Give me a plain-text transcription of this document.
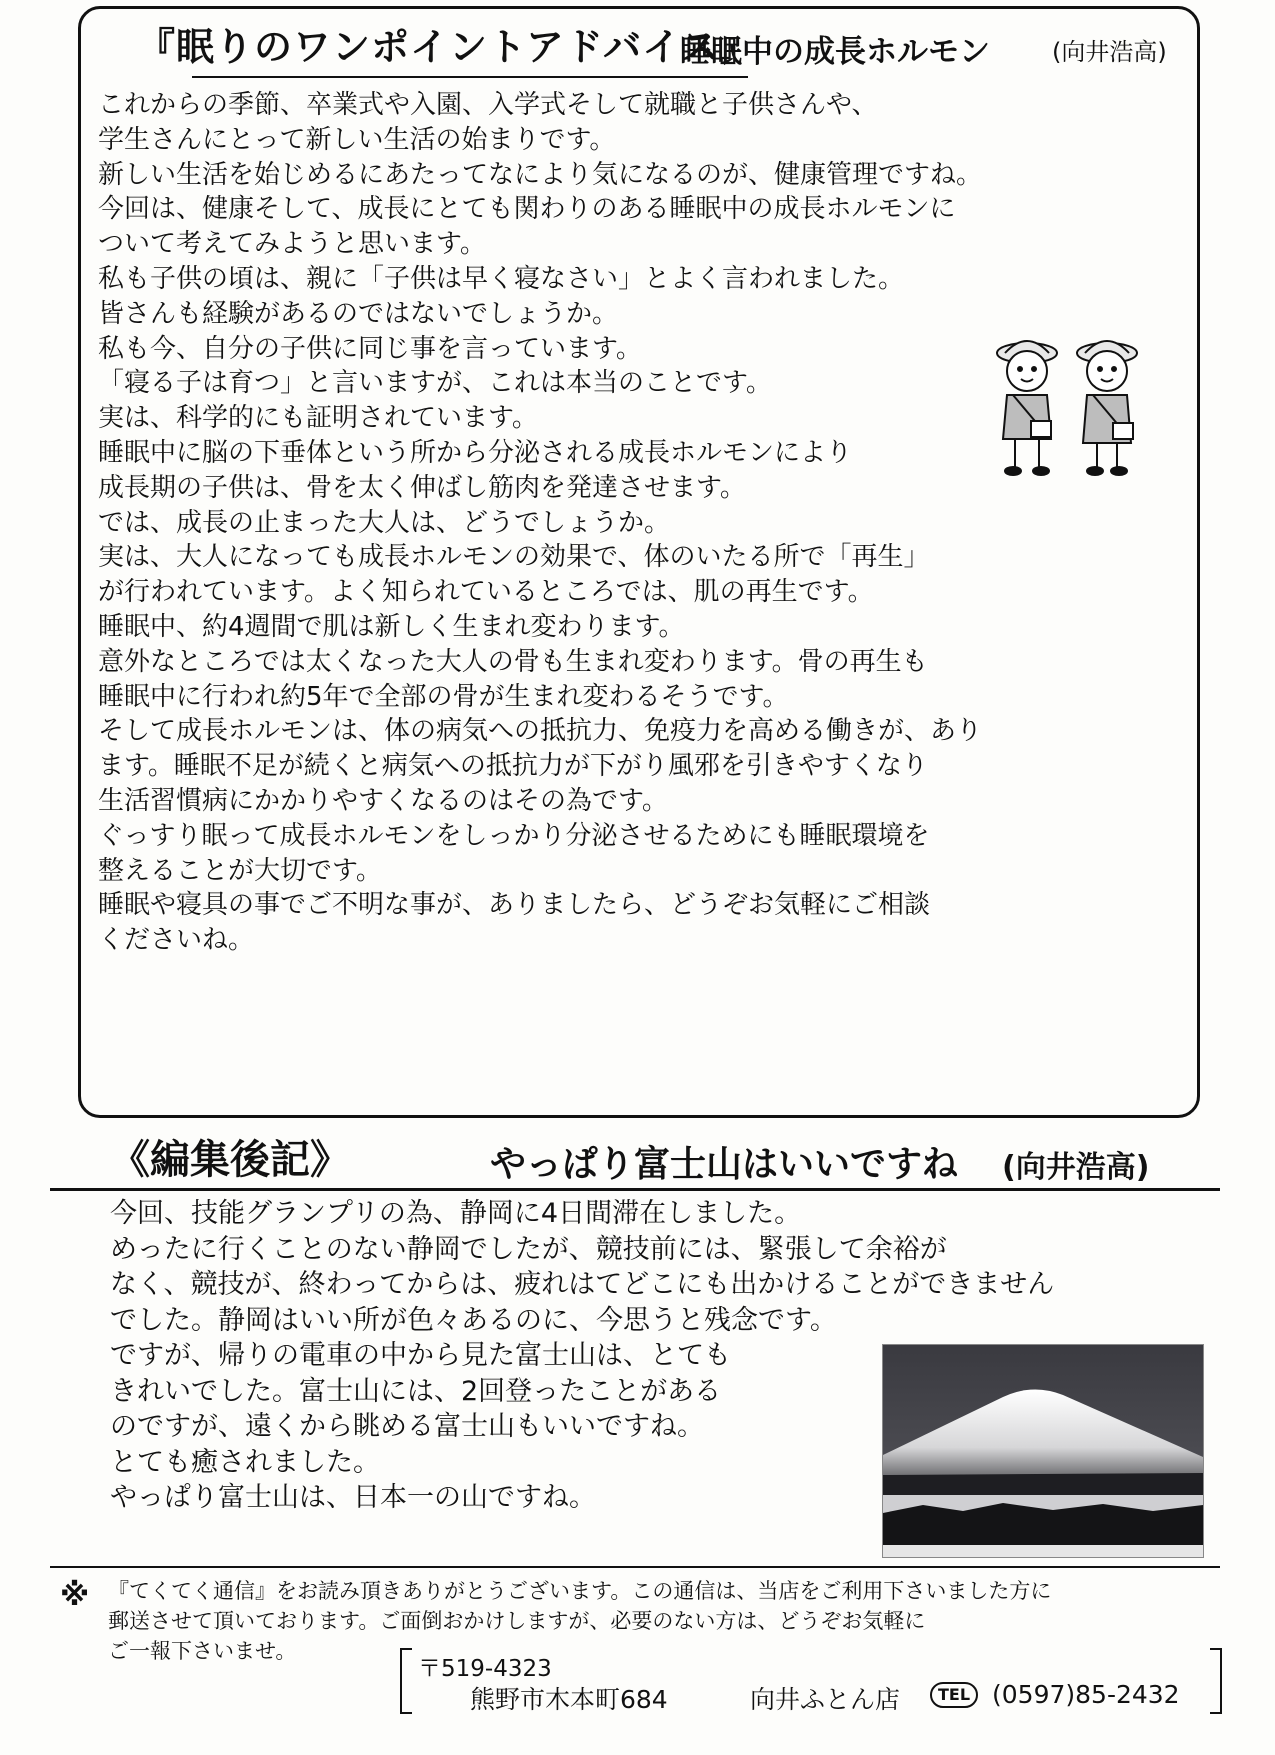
『眠りのワンポイントアドバイス』
睡眠中の成長ホルモン	(向井浩高)
これからの季節、卒業式や入園、入学式そして就職と子供さんや、
学生さんにとって新しい生活の始まりです。
新しい生活を始じめるにあたってなにより気になるのが、健康管理ですね。
今回は、健康そして、成長にとても関わりのある睡眠中の成長ホルモンに
ついて考えてみようと思います。
私も子供の頃は、親に「子供は早く寝なさい」とよく言われました。
皆さんも経験があるのではないでしょうか。
私も今、自分の子供に同じ事を言っています。
「寝る子は育つ」と言いますが、これは本当のことです。
実は、科学的にも証明されています。
睡眠中に脳の下垂体という所から分泌される成長ホルモンにより
成長期の子供は、骨を太く伸ばし筋肉を発達させます。
では、成長の止まった大人は、どうでしょうか。
実は、大人になっても成長ホルモンの効果で、体のいたる所で「再生」
が行われています。よく知られているところでは、肌の再生です。
睡眠中、約4週間で肌は新しく生まれ変わります。
意外なところでは太くなった大人の骨も生まれ変わります。骨の再生も
睡眠中に行われ約5年で全部の骨が生まれ変わるそうです。
そして成長ホルモンは、体の病気への抵抗力、免疫力を高める働きが、あり
ます。睡眠不足が続くと病気への抵抗力が下がり風邪を引きやすくなり
生活習慣病にかかりやすくなるのはその為です。
ぐっすり眠って成長ホルモンをしっかり分泌させるためにも睡眠環境を
整えることが大切です。
睡眠や寝具の事でご不明な事が、ありましたら、どうぞお気軽にご相談
くださいね。
《編集後記》	やっぱり富士山はいいですね (向井浩高)
今回、技能グランプリの為、静岡に4日間滞在しました。
めったに行くことのない静岡でしたが、競技前には、緊張して余裕が
なく、競技が、終わってからは、疲れはてどこにも出かけることができません
でした。静岡はいい所が色々あるのに、今思うと残念です。
ですが、帰りの電車の中から見た富士山は、とても
きれいでした。富士山には、2回登ったことがある
のですが、遠くから眺める富士山もいいですね。
とても癒されました。
やっぱり富士山は、日本一の山ですね。
※ 『てくてく通信』をお読み頂きありがとうございます。この通信は、当店をご利用下さいました方に
郵送させて頂いております。ご面倒おかけしますが、必要のない方は、どうぞお気軽に
ご一報下さいませ。
〒519-4323
熊野市木本町684	向井ふとん店	TEL (0597)85-2432
